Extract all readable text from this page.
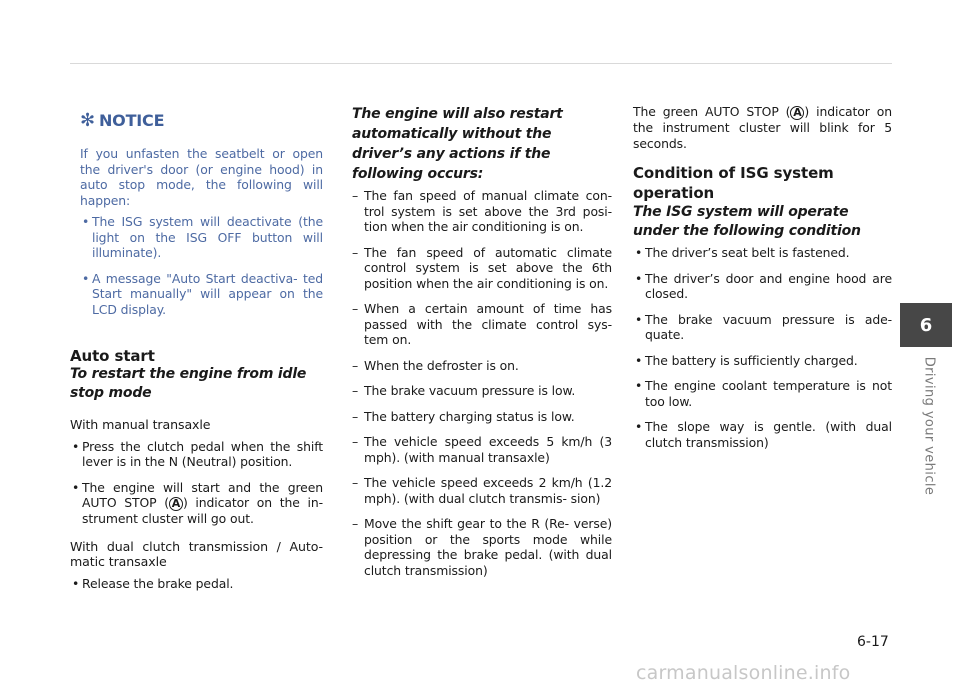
✻ NOTICE

If you unfasten the seatbelt or open the driver's door (or engine hood) in auto stop mode, the following will happen:

• The ISG system will deactivate (the light on the ISG OFF button will illuminate).
• A message "Auto Start deactiva- ted Start manually" will appear on the LCD display.
Auto start
To restart the engine from idle stop mode
With manual transaxle
• Press the clutch pedal when the shift lever is in the N (Neutral) position.
• The engine will start and the green AUTO STOP ( A ) indicator on the in- strument cluster will go out.
With dual clutch transmission / Auto- matic transaxle
• Release the brake pedal.
The engine will also restart automatically without the driver’s any actions if the following occurs:
– The fan speed of manual climate con- trol system is set above the 3rd posi- tion when the air conditioning is on.
– The fan speed of automatic climate control system is set above the 6th position when the air conditioning is on.
– When a certain amount of time has passed with the climate control sys- tem on.
– When the defroster is on.
– The brake vacuum pressure is low.
– The battery charging status is low.
– The vehicle speed exceeds 5 km/h (3 mph). (with manual transaxle)
– The vehicle speed exceeds 2 km/h (1.2 mph). (with dual clutch transmis- sion)
– Move the shift gear to the R (Re- verse) position or the sports mode while depressing the brake pedal. (with dual clutch transmission)

The green AUTO STOP ( A ) indicator on the instrument cluster will blink for 5 seconds.

Condition of ISG system operation
The ISG system will operate under the following condition
• The driver’s seat belt is fastened.
• The driver’s door and engine hood are closed.
• The brake vacuum pressure is ade- quate.
• The battery is sufficiently charged.
• The engine coolant temperature is not too low.
• The slope way is gentle. (with dual clutch transmission)
6
Driving your vehicle
6-17
carmanualsonline.info
